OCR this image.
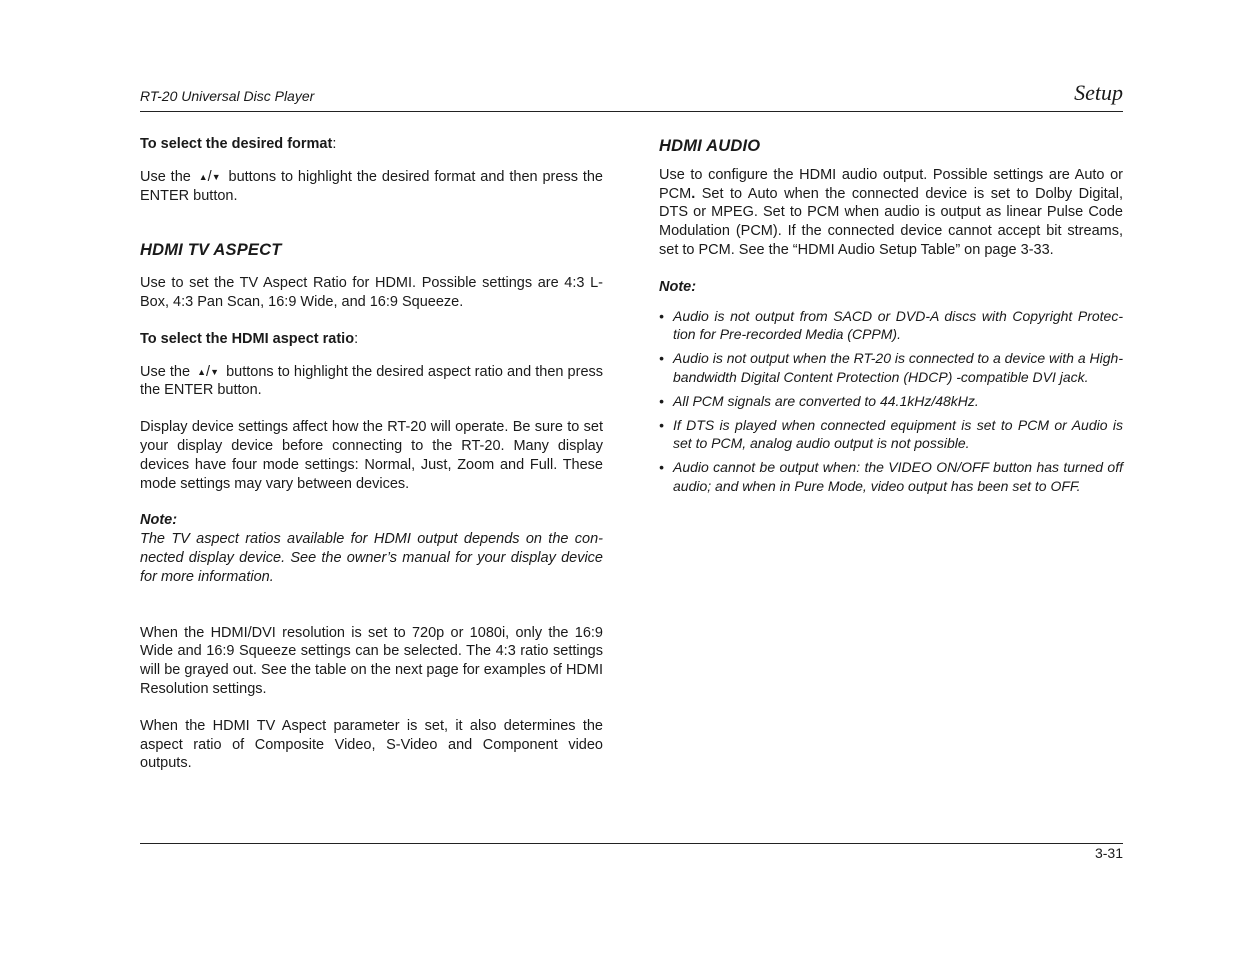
RT-20 Universal Disc Player	Setup

To select the desired format:

Use the ▲/▼ buttons to highlight the desired format and then press the ENTER button.

HDMI TV ASPECT

Use to set the TV Aspect Ratio for HDMI. Possible settings are 4:3 L-Box, 4:3 Pan Scan, 16:9 Wide, and 16:9 Squeeze.

To select the HDMI aspect ratio:

Use the ▲/▼ buttons to highlight the desired aspect ratio and then press the ENTER button.

Display device settings affect how the RT-20 will operate. Be sure to set your display device before connecting to the RT-20. Many display devices have four mode settings: Normal, Just, Zoom and Full. These mode settings may vary between devices.

Note:

The TV aspect ratios available for HDMI output depends on the con-nected display device. See the owner’s manual for your display device for more information.

When the HDMI/DVI resolution is set to 720p or 1080i, only the 16:9 Wide and 16:9 Squeeze settings can be selected. The 4:3 ratio settings will be grayed out. See the table on the next page for examples of HDMI Resolution settings.

When the HDMI TV Aspect parameter is set, it also determines the aspect ratio of Composite Video, S-Video and Component video outputs.

HDMI AUDIO

Use to configure the HDMI audio output. Possible settings are Auto or PCM. Set to Auto when the connected device is set to Dolby Digital, DTS or MPEG. Set to PCM when audio is output as linear Pulse Code Modulation (PCM). If the connected device cannot accept bit streams, set to PCM. See the “HDMI Audio Setup Table” on page 3-33.

Note:

• Audio is not output from SACD or DVD-A discs with Copyright Protec-tion for Pre-recorded Media (CPPM).
• Audio is not output when the RT-20 is connected to a device with a High-bandwidth Digital Content Protection (HDCP) -compatible DVI jack.
• All PCM signals are converted to 44.1kHz/48kHz.
• If DTS is played when connected equipment is set to PCM or Audio is set to PCM, analog audio output is not possible.
• Audio cannot be output when: the VIDEO ON/OFF button has turned off audio; and when in Pure Mode, video output has been set to OFF.
3-31
